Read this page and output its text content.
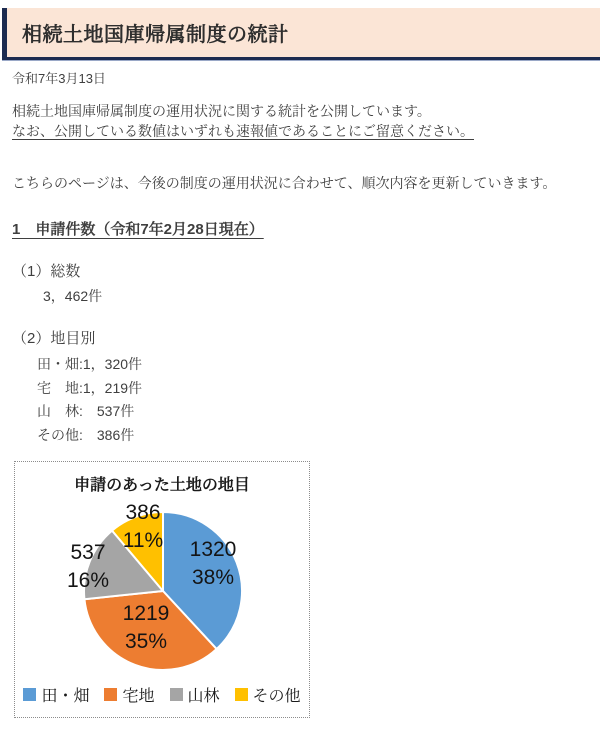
相続土地国庫帰属制度の統計

令和7年3月13日

相続土地国庫帰属制度の運用状況に関する統計を公開しています。
なお、公開している数値はいずれも速報値であることにご留意ください。

こちらのページは、今後の制度の運用状況に合わせて、順次内容を更新していきます。

1　申請件数（令和7年2月28日現在）

（1）総数

3，462件

（2）地目別

田・畑:1，320件
宅　地:1，219件
山　林:　537件
その他:　386件
申請のあった土地の地目
田・畑 宅地 山林 その他
1320
38%
1219
35%
537
16%
386
11%
